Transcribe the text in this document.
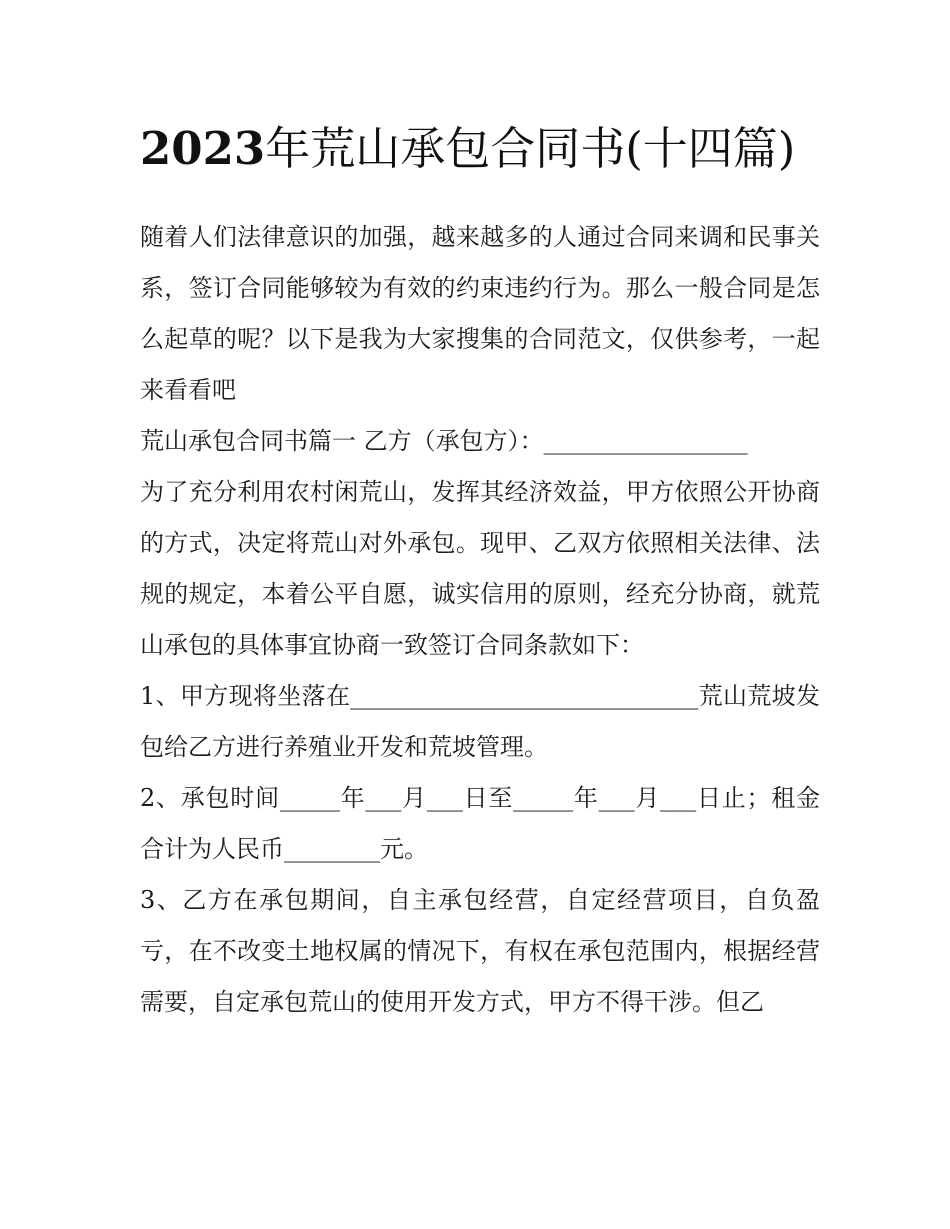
2023年荒山承包合同书(十四篇)

随着人们法律意识的加强，越来越多的人通过合同来调和民事关系，签订合同能够较为有效的约束违约行为。那么一般合同是怎么起草的呢？以下是我为大家搜集的合同范文，仅供参考，一起来看看吧

荒山承包合同书篇一 乙方（承包方）：_________________

为了充分利用农村闲荒山，发挥其经济效益，甲方依照公开协商的方式，决定将荒山对外承包。现甲、乙双方依照相关法律、法规的规定，本着公平自愿，诚实信用的原则，经充分协商，就荒山承包的具体事宜协商一致签订合同条款如下：

1、甲方现将坐落在_____________________________荒山荒坡发包给乙方进行养殖业开发和荒坡管理。

2、承包时间_____年___月___日至_____年___月___日止；租金合计为人民币________元。

3、乙方在承包期间，自主承包经营，自定经营项目，自负盈亏，在不改变土地权属的情况下，有权在承包范围内，根据经营需要，自定承包荒山的使用开发方式，甲方不得干涉。但乙
